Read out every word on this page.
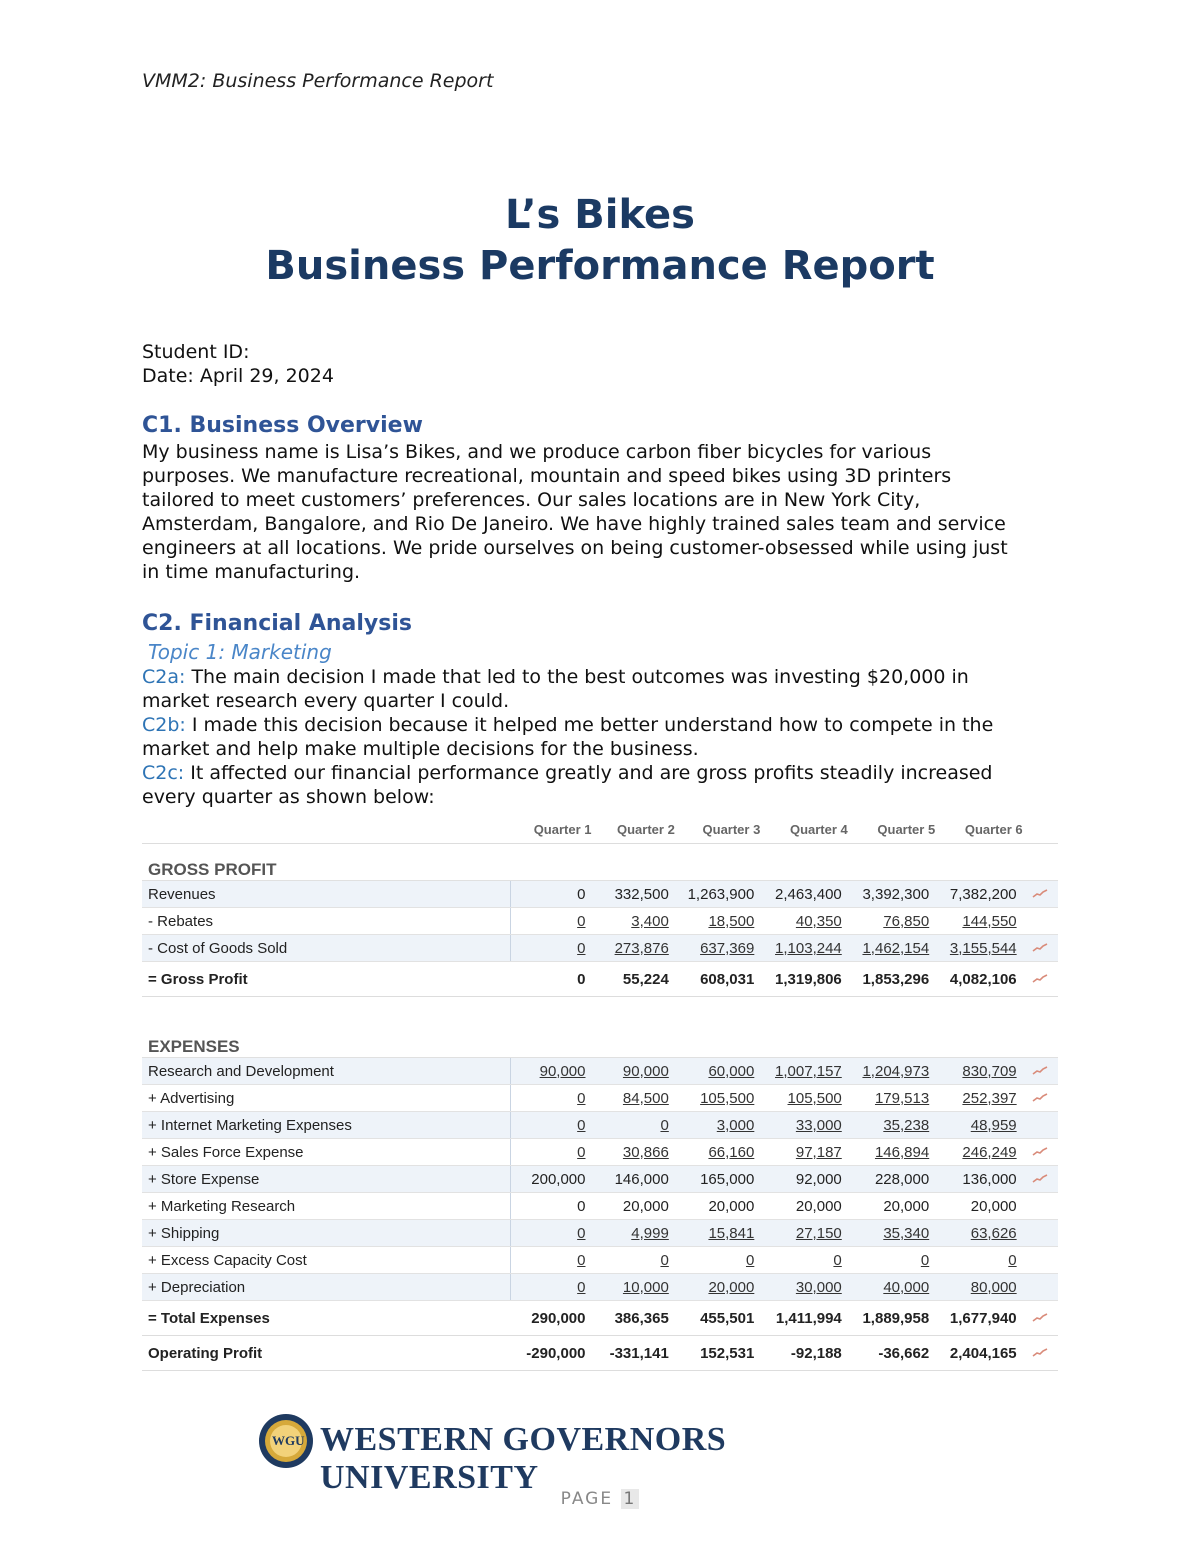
VMM2: Business Performance Report
L’s Bikes
Business Performance Report
Student ID:
Date: April 29, 2024
C1. Business Overview
My business name is Lisa’s Bikes, and we produce carbon fiber bicycles for various
purposes. We manufacture recreational, mountain and speed bikes using 3D printers
tailored to meet customers’ preferences. Our sales locations are in New York City,
Amsterdam, Bangalore, and Rio De Janeiro. We have highly trained sales team and service
engineers at all locations. We pride ourselves on being customer-obsessed while using just
in time manufacturing.
C2. Financial Analysis
Topic 1: Marketing
C2a: The main decision I made that led to the best outcomes was investing $20,000 in
market research every quarter I could.
C2b: I made this decision because it helped me better understand how to compete in the
market and help make multiple decisions for the business.
C2c: It affected our financial performance greatly and are gross profits steadily increased
every quarter as shown below:
	Quarter 1	Quarter 2	Quarter 3	Quarter 4	Quarter 5	Quarter 6	
GROSS PROFIT							
Revenues	0	332,500	1,263,900	2,463,400	3,392,300	7,382,200	

- Rebates	0	3,400	18,500	40,350	76,850	144,550	
- Cost of Goods Sold	0	273,876	637,369	1,103,244	1,462,154	3,155,544	

= Gross Profit	0	55,224	608,031	1,319,806	1,853,296	4,082,106	

EXPENSES							
Research and Development	90,000	90,000	60,000	1,007,157	1,204,973	830,709	

+ Advertising	0	84,500	105,500	105,500	179,513	252,397	

+ Internet Marketing Expenses	0	0	3,000	33,000	35,238	48,959	
+ Sales Force Expense	0	30,866	66,160	97,187	146,894	246,249	

+ Store Expense	200,000	146,000	165,000	92,000	228,000	136,000	

+ Marketing Research	0	20,000	20,000	20,000	20,000	20,000	
+ Shipping	0	4,999	15,841	27,150	35,340	63,626	
+ Excess Capacity Cost	0	0	0	0	0	0	
+ Depreciation	0	10,000	20,000	30,000	40,000	80,000	
= Total Expenses	290,000	386,365	455,501	1,411,994	1,889,958	1,677,940	

Operating Profit	-290,000	-331,141	152,531	-92,188	-36,662	2,404,165	
WGU WESTERN GOVERNORS UNIVERSITY
PAGE 1
